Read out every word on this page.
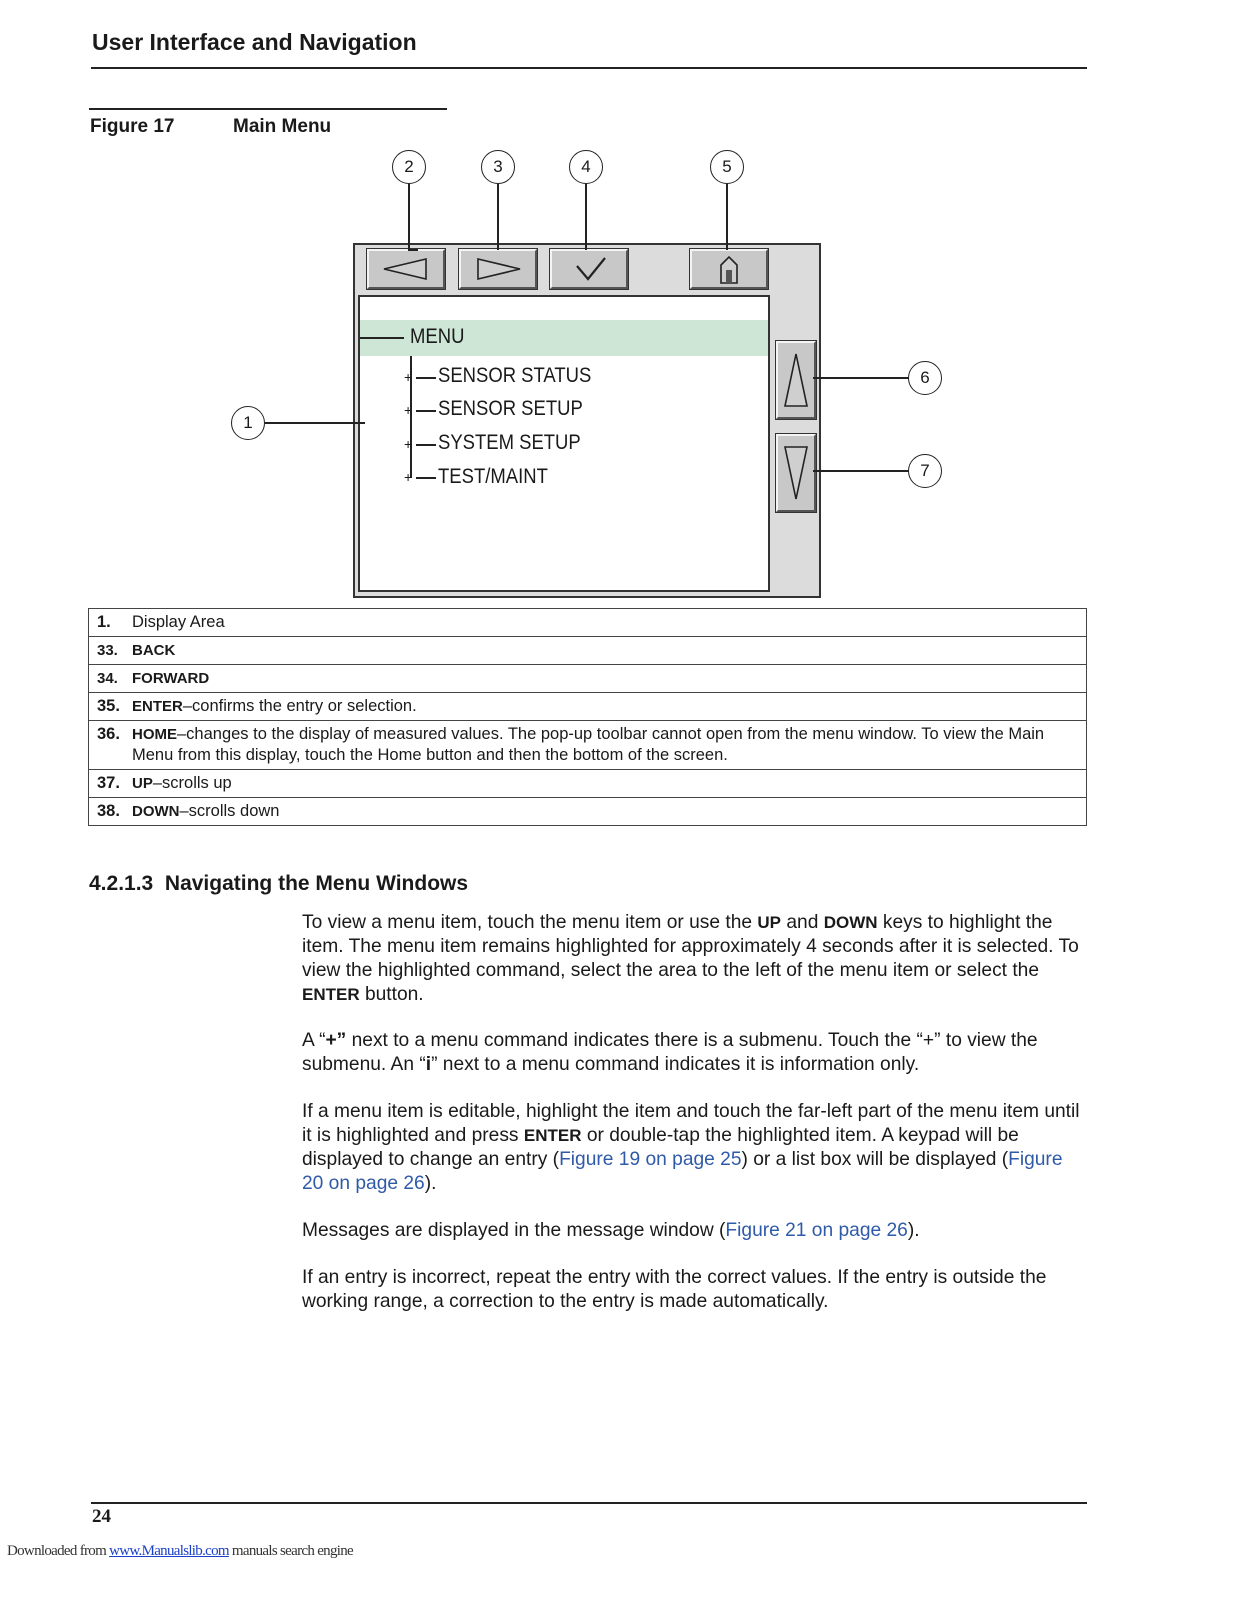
User Interface and Navigation
Figure 17	Main Menu
MENU
+ SENSOR STATUS
+ SENSOR SETUP
+ SYSTEM SETUP
+ TEST/MAINT
2	3	4	5
1
6
7
1.	Display Area
33.	BACK
34.	FORWARD
35.	ENTER–confirms the entry or selection.
36.	HOME–changes to the display of measured values. The pop-up toolbar cannot open from the menu window. To view the Main Menu from this display, touch the Home button and then the bottom of the screen.
37.	UP–scrolls up
38.	DOWN–scrolls down
4.2.1.3 Navigating the Menu Windows

To view a menu item, touch the menu item or use the UP and DOWN keys to highlight the item. The menu item remains highlighted for approximately 4 seconds after it is selected. To view the highlighted command, select the area to the left of the menu item or select the ENTER button.

A “+” next to a menu command indicates there is a submenu. Touch the “+” to view the submenu. An “i” next to a menu command indicates it is information only.

If a menu item is editable, highlight the item and touch the far-left part of the menu item until it is highlighted and press ENTER or double-tap the highlighted item. A keypad will be displayed to change an entry (Figure 19 on page 25) or a list box will be displayed (Figure 20 on page 26).

Messages are displayed in the message window (Figure 21 on page 26).

If an entry is incorrect, repeat the entry with the correct values. If the entry is outside the working range, a correction to the entry is made automatically.

24
Downloaded from www.Manualslib.com manuals search engine
